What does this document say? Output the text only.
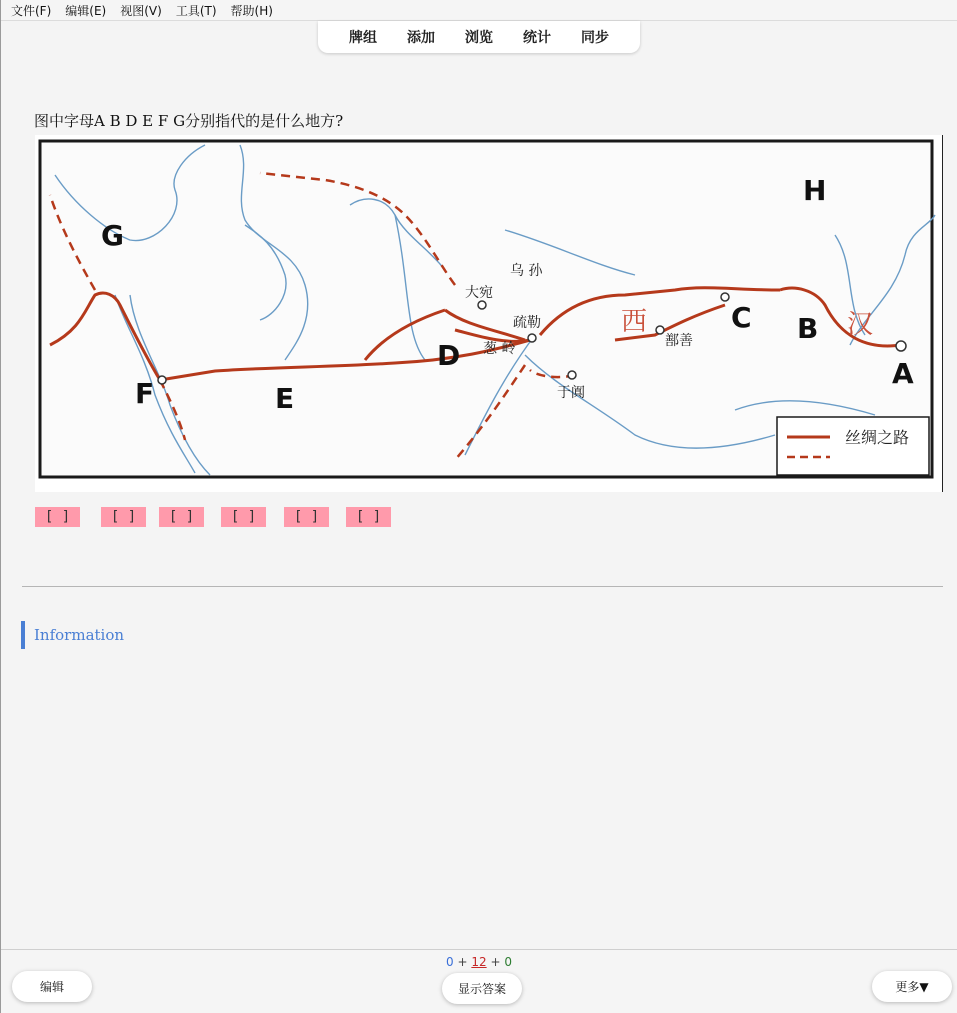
文件(F) 编辑(E) 视图(V) 工具(T) 帮助(H)
牌组	添加	浏览	统计	同步
图中字母A B D E F G分别指代的是什么地方?
丝绸之路
A
B
C
D
E
F
G
H
大宛
乌 孙
疏勒
葱 岭
于阗
鄯善
西	汉
[ ]	[ ]	[ ]	[ ]	[ ]	[ ]
Information
0 + 12 + 0
编辑	显示答案	更多▼
